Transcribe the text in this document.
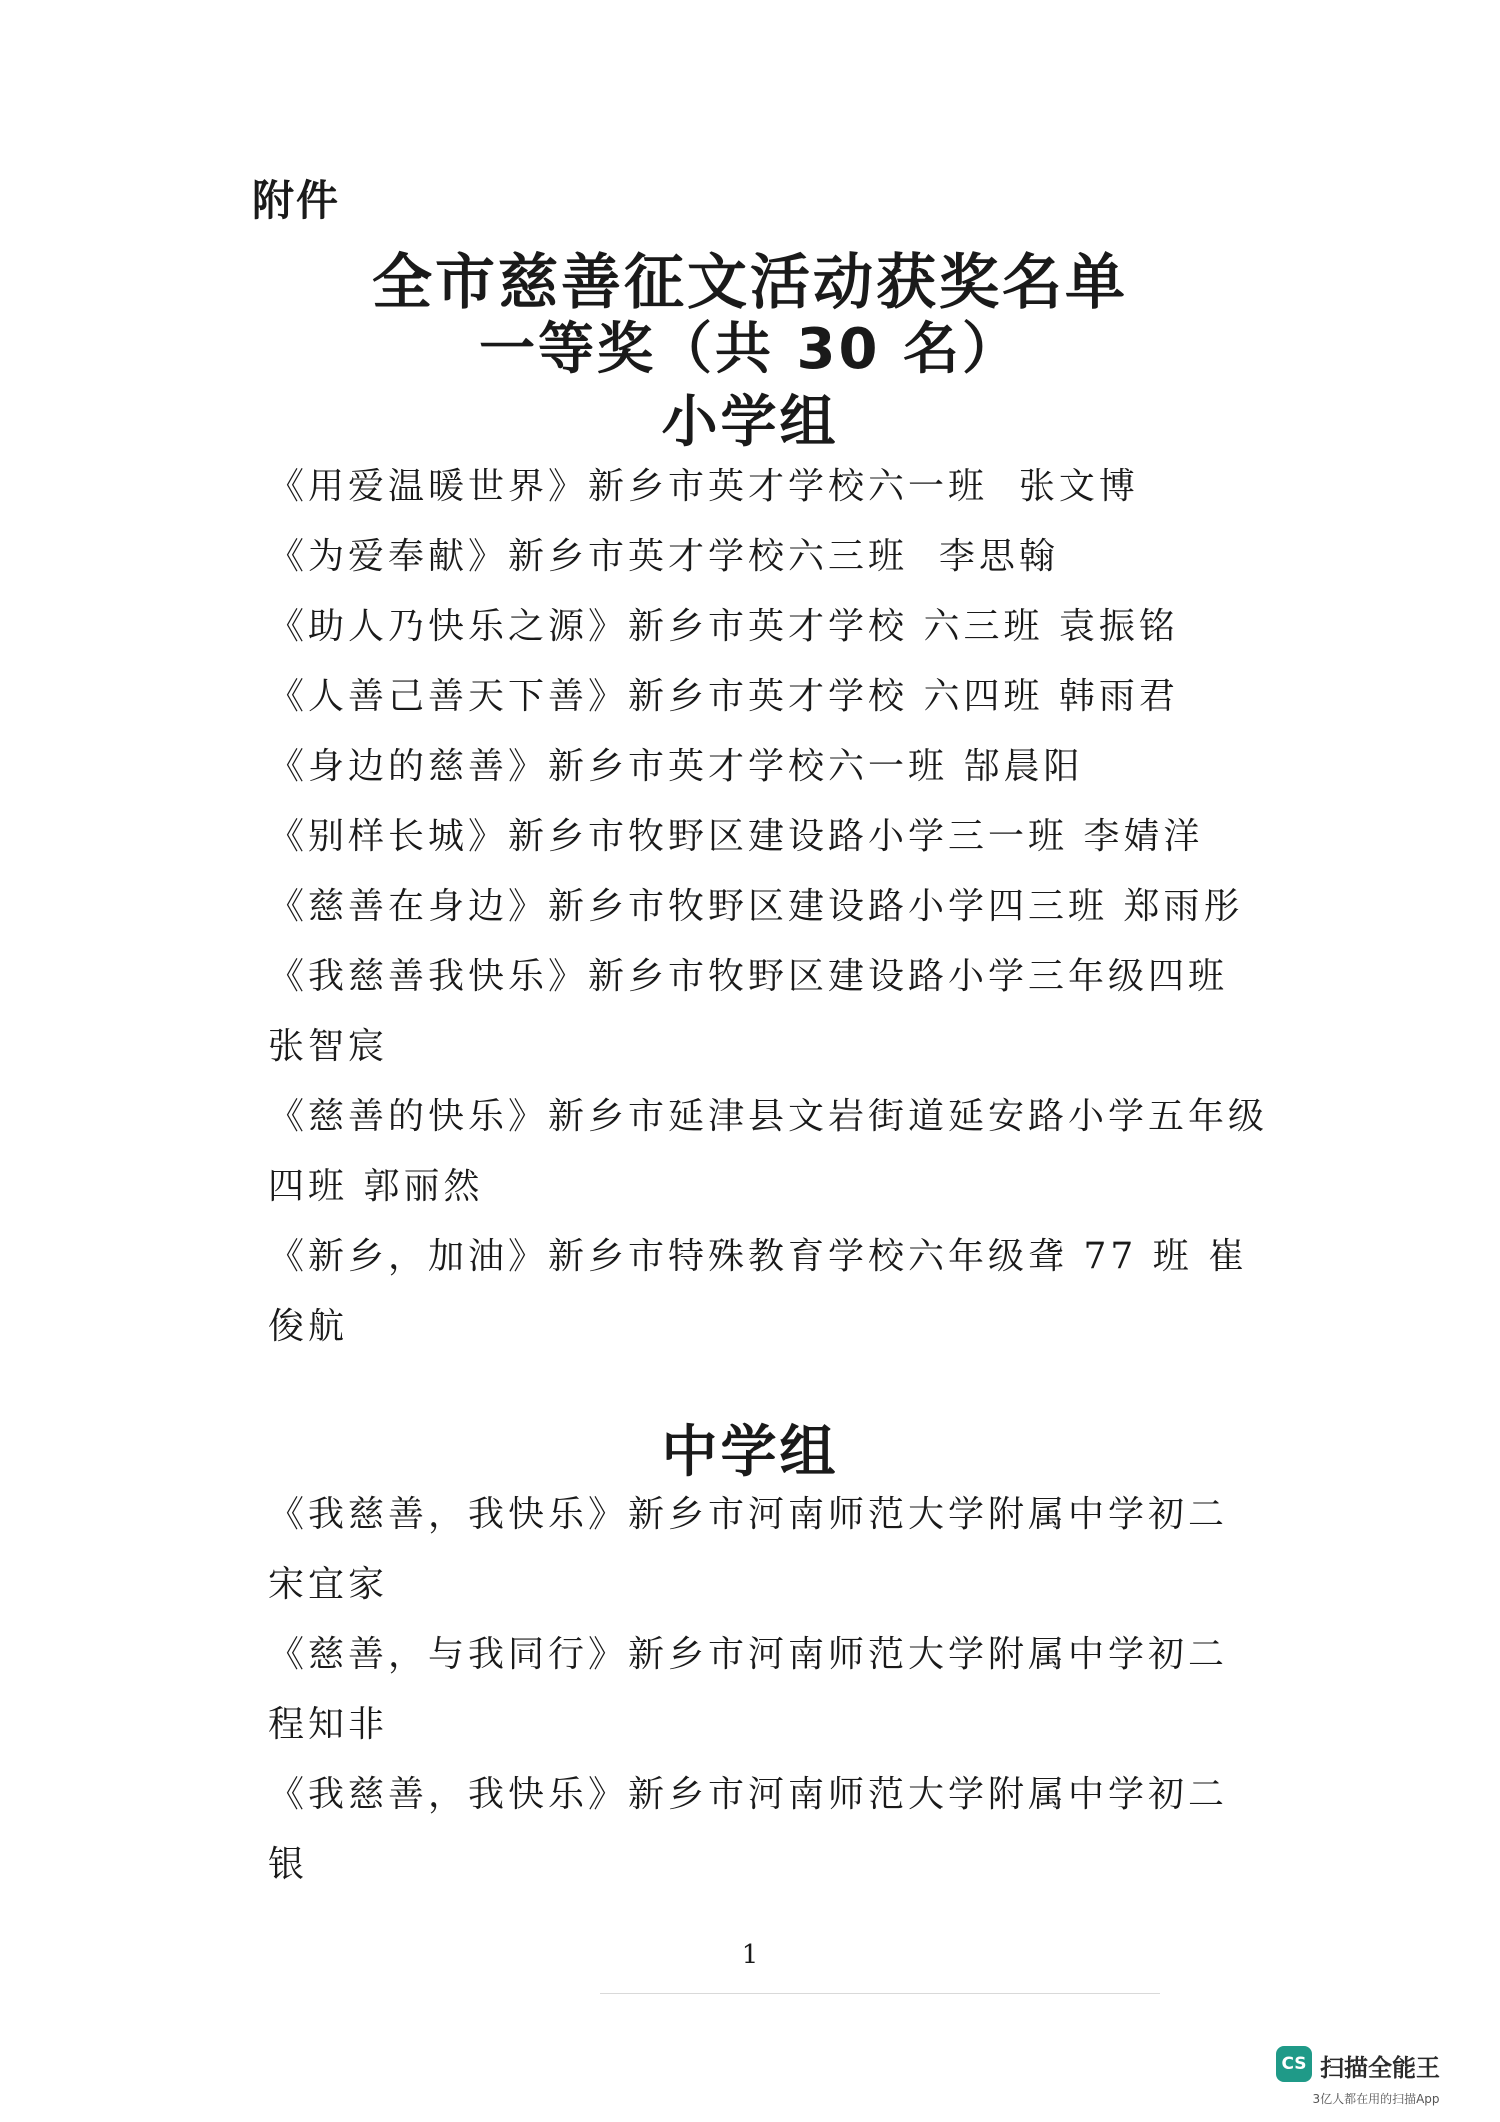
附件
全市慈善征文活动获奖名单
一等奖（共 30 名）
小学组
《用爱温暖世界》新乡市英才学校六一班  张文博
《为爱奉献》新乡市英才学校六三班  李思翰
《助人乃快乐之源》新乡市英才学校 六三班 袁振铭
《人善己善天下善》新乡市英才学校 六四班 韩雨君
《身边的慈善》新乡市英才学校六一班 郜晨阳
《别样长城》新乡市牧野区建设路小学三一班 李婧洋
《慈善在身边》新乡市牧野区建设路小学四三班 郑雨彤
《我慈善我快乐》新乡市牧野区建设路小学三年级四班  张智宸
《慈善的快乐》新乡市延津县文岩街道延安路小学五年级四班 郭丽然
《新乡，加油》新乡市特殊教育学校六年级聋 77 班 崔俊航
中学组
《我慈善，我快乐》新乡市河南师范大学附属中学初二 宋宜家
《慈善，与我同行》新乡市河南师范大学附属中学初二  程知非
《我慈善，我快乐》新乡市河南师范大学附属中学初二 银
1
CS 扫描全能王
3亿人都在用的扫描App
